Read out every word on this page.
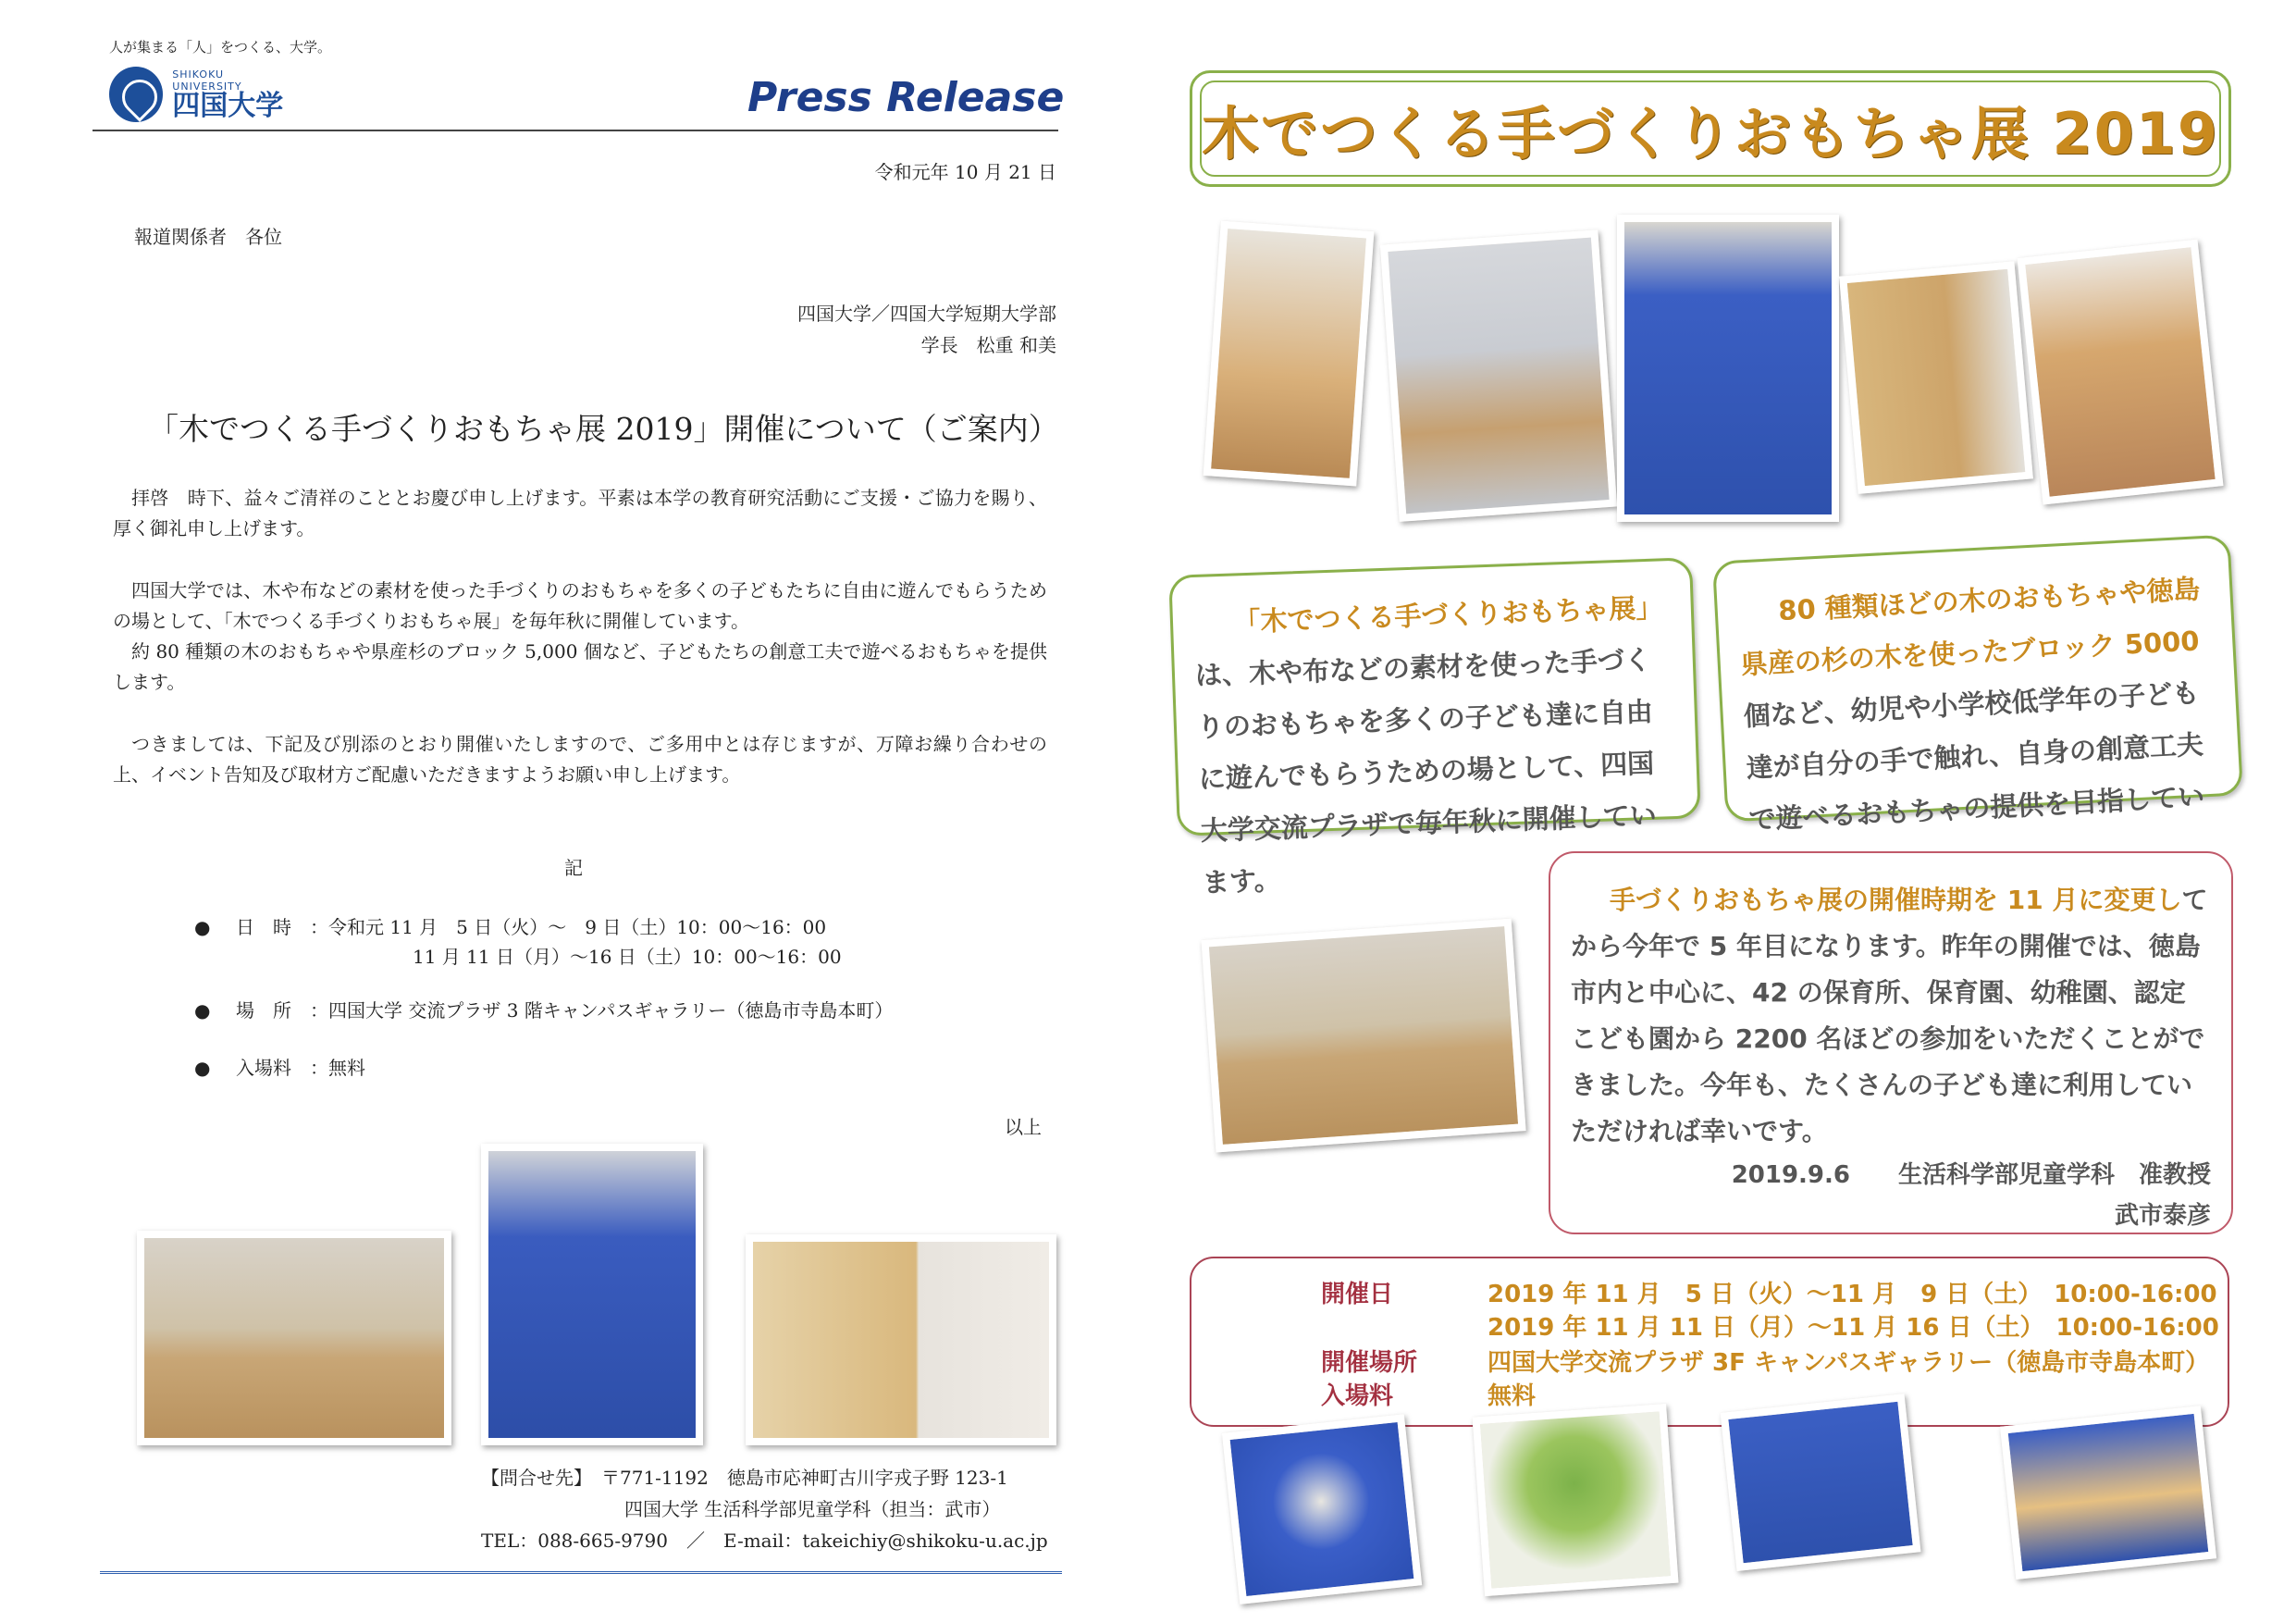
人が集まる「人」をつくる、大学。
SHIKOKU UNIVERSITY
四国大学	Press Release
令和元年 10 月 21 日
報道関係者　各位
四国大学／四国大学短期大学部
学長　松重 和美
「木でつくる手づくりおもちゃ展 2019」開催について（ご案内）
拝啓　時下、益々ご清祥のこととお慶び申し上げます。平素は本学の教育研究活動にご支援・ご協力を賜り、厚く御礼申し上げます。
四国大学では、木や布などの素材を使った手づくりのおもちゃを多くの子どもたちに自由に遊んでもらうための場として、「木でつくる手づくりおもちゃ展」を毎年秋に開催しています。
約 80 種類の木のおもちゃや県産杉のブロック 5,000 個など、子どもたちの創意工夫で遊べるおもちゃを提供します。
つきましては、下記及び別添のとおり開催いたしますので、ご多用中とは存じますが、万障お繰り合わせの上、イベント告知及び取材方ご配慮いただきますようお願い申し上げます。
記
●	日　時	：令和元 11 月　5 日（火）～　9 日（土）10：00～16：00
11 月 11 日（月）～16 日（土）10：00～16：00
●	場　所	：四国大学 交流プラザ 3 階キャンパスギャラリー（徳島市寺島本町）
●	入場料	：無料
以上
【問合せ先】　 〒771-1192　徳島市応神町古川字戎子野 123-1
四国大学 生活科学部児童学科（担当：武市）
TEL：088-665-9790　／　E-mail：takeichiy@shikoku-u.ac.jp
木でつくる手づくりおもちゃ展 2019
「木でつくる手づくりおもちゃ展」は、木や布などの素材を使った手づくりのおもちゃを多くの子ども達に自由に遊んでもらうための場として、四国大学交流プラザで毎年秋に開催しています。
80 種類ほどの木のおもちゃや徳島県産の杉の木を使ったブロック 5000個など、幼児や小学校低学年の子ども達が自分の手で触れ、自身の創意工夫で遊べるおもちゃの提供を目指しています。
手づくりおもちゃ展の開催時期を 11 月に変更してから今年で 5 年目になります。昨年の開催では、徳島市内と中心に、42 の保育所、保育園、幼稚園、認定こども園から 2200 名ほどの参加をいただくことができました。今年も、たくさんの子ども達に利用していただければ幸いです。
2019.9.6　　生活科学部児童学科　准教授
武市泰彦
開催日	2019 年 11 月　5 日（火）～11 月　9 日（土）　10:00-16:00
2019 年 11 月 11 日（月）～11 月 16 日（土）　10:00-16:00
開催場所	四国大学交流プラザ 3F キャンパスギャラリー（徳島市寺島本町）
入場料	無料
